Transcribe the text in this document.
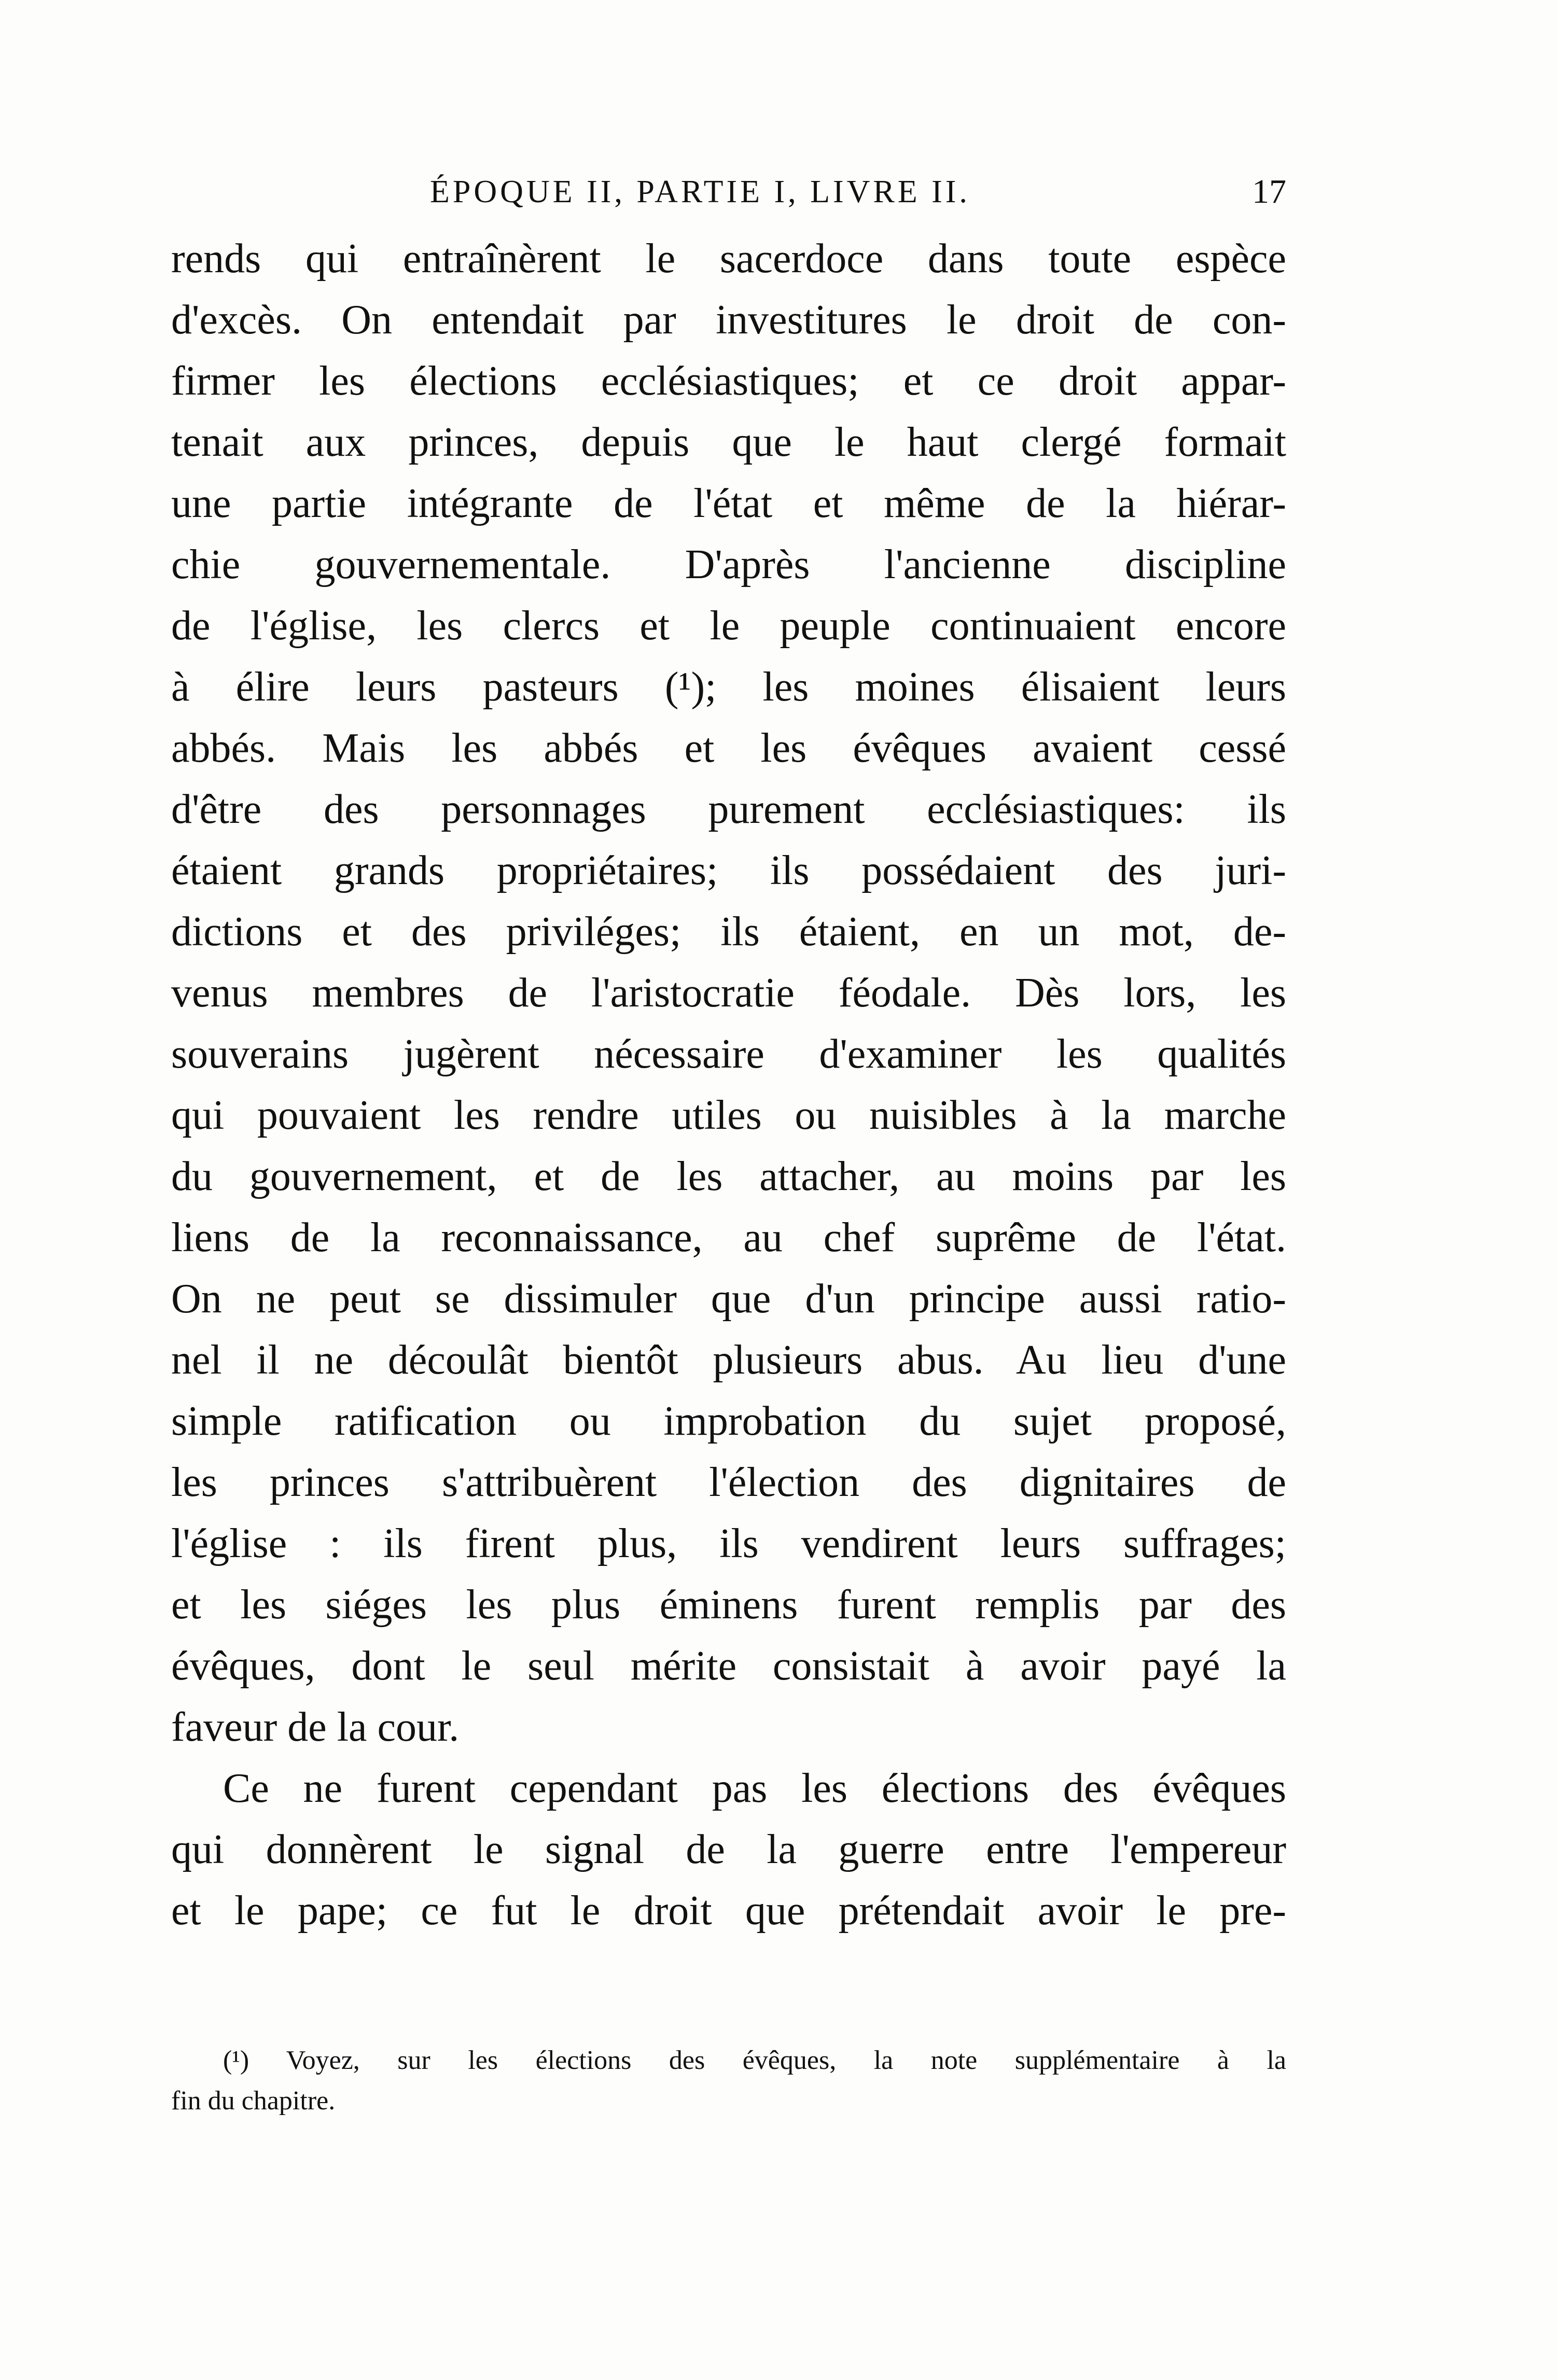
ÉPOQUE II, PARTIE I, LIVRE II.	17
rends qui entraînèrent le sacerdoce dans toute espèce
d'excès. On entendait par investitures le droit de con-
firmer les élections ecclésiastiques; et ce droit appar-
tenait aux princes, depuis que le haut clergé formait
une partie intégrante de l'état et même de la hiérar-
chie gouvernementale. D'après l'ancienne discipline
de l'église, les clercs et le peuple continuaient encore
à élire leurs pasteurs (¹); les moines élisaient leurs
abbés. Mais les abbés et les évêques avaient cessé
d'être des personnages purement ecclésiastiques: ils
étaient grands propriétaires; ils possédaient des juri-
dictions et des priviléges; ils étaient, en un mot, de-
venus membres de l'aristocratie féodale. Dès lors, les
souverains jugèrent nécessaire d'examiner les qualités
qui pouvaient les rendre utiles ou nuisibles à la marche
du gouvernement, et de les attacher, au moins par les
liens de la reconnaissance, au chef suprême de l'état.
On ne peut se dissimuler que d'un principe aussi ratio-
nel il ne découlât bientôt plusieurs abus. Au lieu d'une
simple ratification ou improbation du sujet proposé,
les princes s'attribuèrent l'élection des dignitaires de
l'église : ils firent plus, ils vendirent leurs suffrages;
et les siéges les plus éminens furent remplis par des
évêques, dont le seul mérite consistait à avoir payé la
faveur de la cour.
Ce ne furent cependant pas les élections des évêques
qui donnèrent le signal de la guerre entre l'empereur
et le pape; ce fut le droit que prétendait avoir le pre-
(¹) Voyez, sur les élections des évêques, la note supplémentaire à la
fin du chapitre.
